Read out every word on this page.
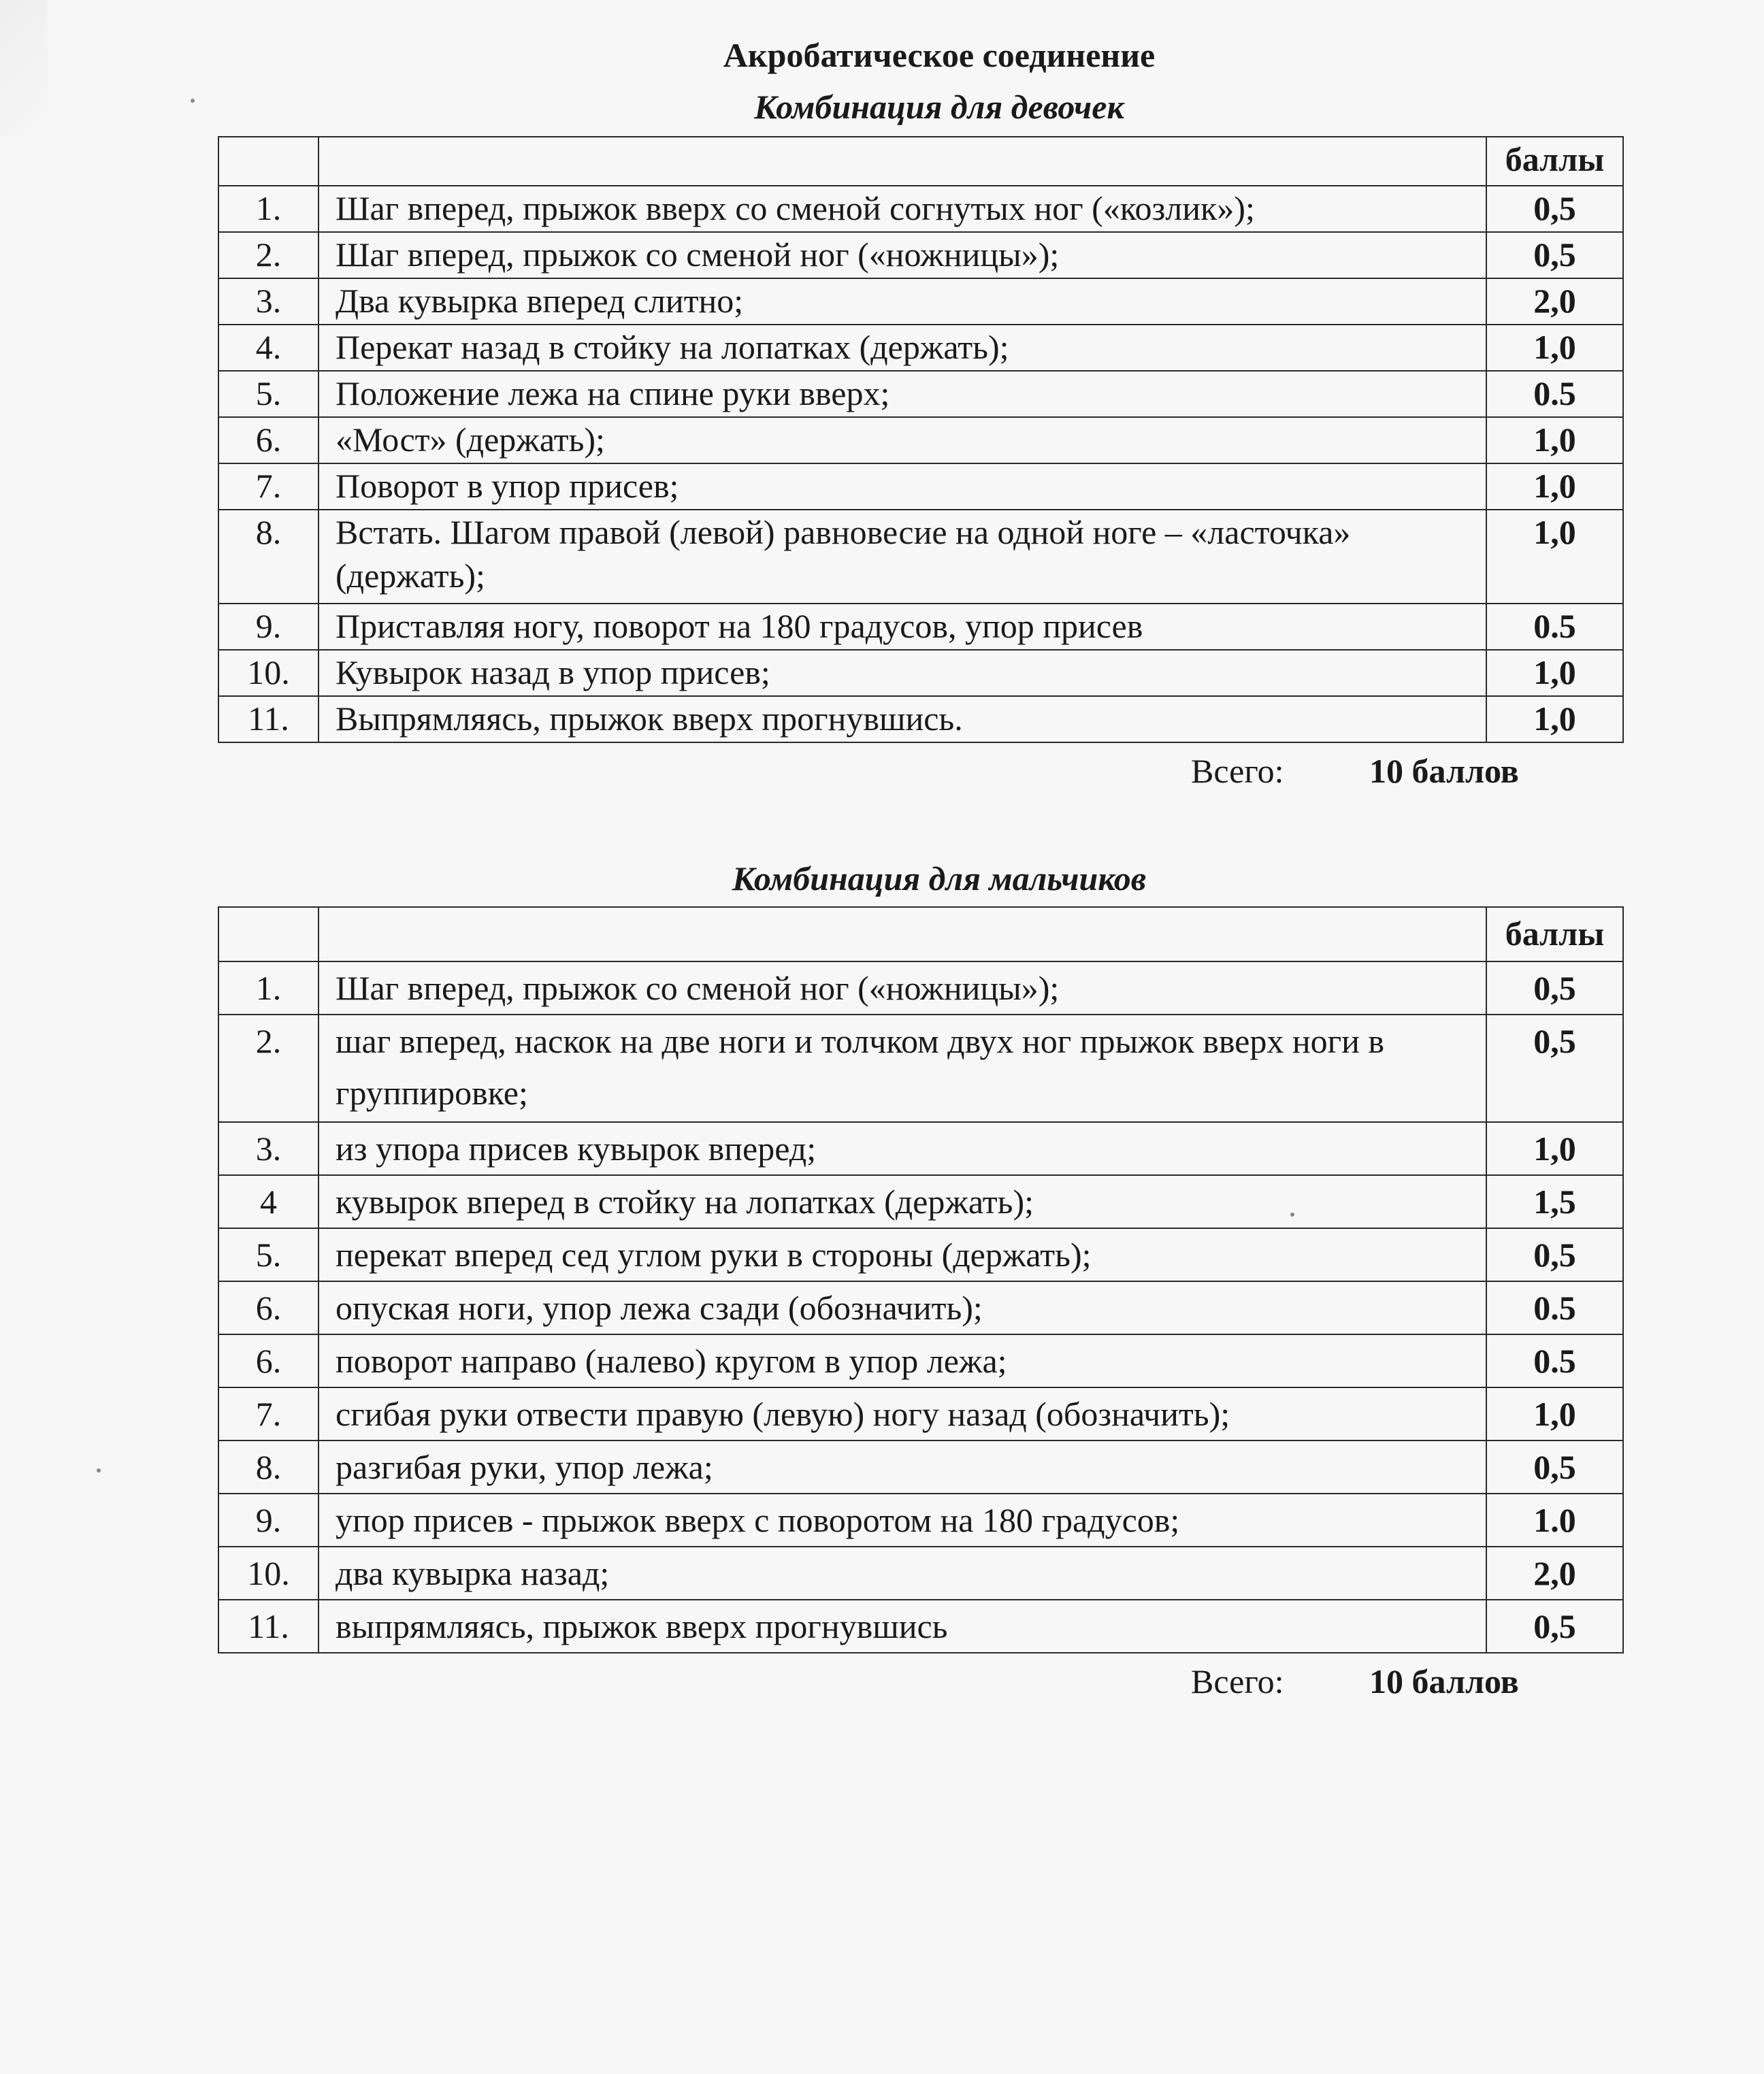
Акробатическое соединение
Комбинация для девочек
		баллы
1.	Шаг вперед, прыжок вверх со сменой согнутых ног («козлик»);	0,5
2.	Шаг вперед, прыжок со сменой ног («ножницы»);	0,5
3.	Два кувырка вперед слитно;	2,0
4.	Перекат назад в стойку на лопатках (держать);	1,0
5.	Положение лежа на спине руки вверх;	0.5
6.	«Мост» (держать);	1,0
7.	Поворот в упор присев;	1,0
8.	Встать. Шагом правой (левой) равновесие на одной ноге – «ласточка» (держать);	1,0
9.	Приставляя ногу, поворот на 180 градусов, упор присев	0.5
10.	Кувырок назад в упор присев;	1,0
11.	Выпрямляясь, прыжок вверх прогнувшись.	1,0
Всего:	10 баллов
Комбинация для мальчиков
		баллы
1.	Шаг вперед, прыжок со сменой ног («ножницы»);	0,5
2.	шаг вперед, наскок на две ноги и толчком двух ног прыжок вверх ноги в группировке;	0,5
3.	из упора присев кувырок вперед;	1,0
4	кувырок вперед в стойку на лопатках (держать);	1,5
5.	перекат вперед сед углом руки в стороны (держать);	0,5
6.	опуская ноги, упор лежа сзади (обозначить);	0.5
6.	поворот направо (налево) кругом в упор лежа;	0.5
7.	сгибая руки отвести правую (левую) ногу назад (обозначить);	1,0
8.	разгибая руки, упор лежа;	0,5
9.	упор присев - прыжок вверх с поворотом на 180 градусов;	1.0
10.	два кувырка назад;	2,0
11.	выпрямляясь, прыжок вверх прогнувшись	0,5
Всего:	10 баллов
